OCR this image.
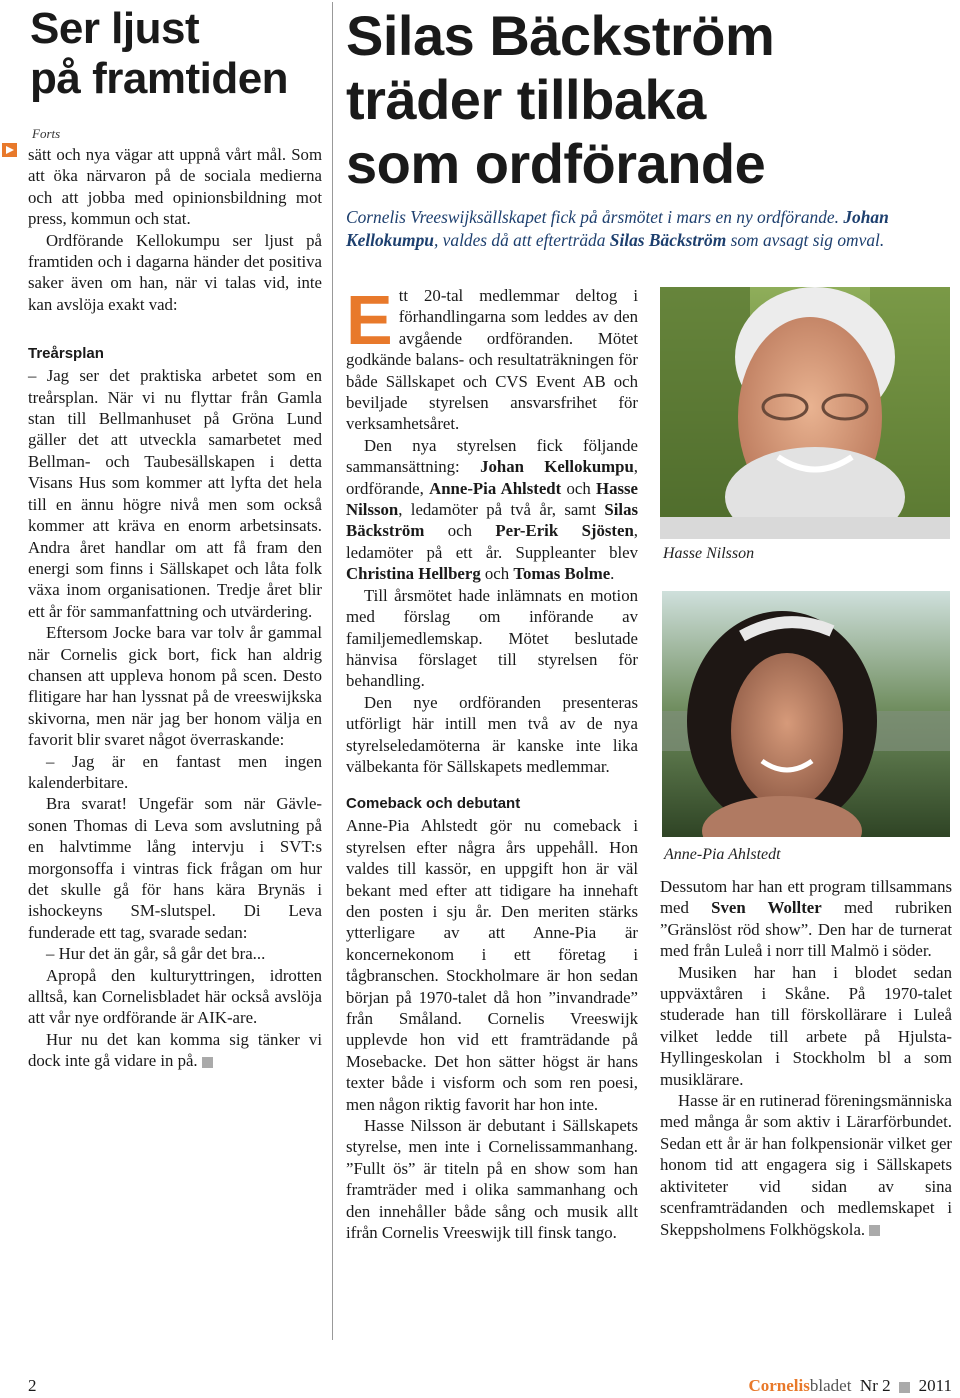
Ser ljust
på framtiden
Forts

sätt och nya vägar att uppnå vårt mål. Som att öka närvaron på de sociala medierna och att jobba med opinionsbildning mot press, kommun och stat.

Ordförande Kellokumpu ser ljust på framtiden och i dagarna händer det positiva saker även om han, när vi talas vid, inte kan avslöja exakt vad:

Treårsplan

– Jag ser det praktiska arbetet som en treårsplan. När vi nu flyttar från Gamla stan till Bellmanhuset på Gröna Lund gäller det att utveckla samarbetet med Bellman- och Taubesällskapen i detta Visans Hus som kommer att lyfta det hela till en ännu högre nivå men som också kommer att kräva en enorm arbetsinsats. Andra året handlar om att få fram den energi som finns i Sällskapet och låta folk växa inom organisationen. Tredje året blir ett år för sammanfattning och utvärdering.

Eftersom Jocke bara var tolv år gammal när Cornelis gick bort, fick han aldrig chansen att uppleva honom på scen. Desto flitigare har han lyssnat på de vreeswijkska skivorna, men när jag ber honom välja en favorit blir svaret något överraskande:

– Jag är en fantast men ingen kalenderbitare.

Bra svarat! Ungefär som när Gävle-sonen Thomas di Leva som avslutning på en halvtimme lång intervju i SVT:s morgonsoffa i vintras fick frågan om hur det skulle gå för hans kära Brynäs i ishockeyns SM-slutspel. Di Leva funderade ett tag, svarade sedan:

– Hur det än går, så går det bra...

Apropå den kulturyttringen, idrotten alltså, kan Cornelisbladet här också avslöja att vår nye ordförande är AIK-are.

Hur nu det kan komma sig tänker vi dock inte gå vidare in på.

Silas Bäckström
träder tillbaka
som ordförande
Cornelis Vreeswijksällskapet fick på årsmötet i mars en ny ordförande. Johan Kellokumpu, valdes då att efterträda Silas Bäckström som avsagt sig omval.

Ett 20-tal medlemmar deltog i förhandlingarna som leddes av den avgående ordföranden. Mötet godkände balans- och resultaträkningen för både Sällskapet och CVS Event AB och beviljade styrelsen ansvarsfrihet för verksamhetsåret.

Den nya styrelsen fick följande sammansättning: Johan Kellokumpu, ordförande, Anne-Pia Ahlstedt och Hasse Nilsson, ledamöter på två år, samt Silas Bäckström och Per-Erik Sjösten, ledamöter på ett år. Suppleanter blev Christina Hellberg och Tomas Bolme.

Till årsmötet hade inlämnats en motion med förslag om införande av familjemedlemskap. Mötet beslutade hänvisa förslaget till styrelsen för behandling.

Den nye ordföranden presenteras utförligt här intill men två av de nya styrelseledamöterna är kanske inte lika välbekanta för Sällskapets medlemmar.

Comeback och debutant

Anne-Pia Ahlstedt gör nu comeback i styrelsen efter några års uppehåll. Hon valdes till kassör, en uppgift hon är väl bekant med efter att tidigare ha innehaft den posten i sju år. Den meriten stärks ytterligare av att Anne-Pia är koncernekonom i ett företag i tågbranschen. Stockholmare är hon sedan början på 1970-talet då hon ”invandrade” från Småland. Cornelis Vreeswijk upplevde hon vid ett framträdande på Mosebacke. Det hon sätter högst är hans texter både i visform och som ren poesi, men någon riktig favorit har hon inte.

Hasse Nilsson är debutant i Sällskapets styrelse, men inte i Cornelissammanhang. ”Fullt ös” är titeln på en show som han framträder med i olika sammanhang och den innehåller både sång och musik allt ifrån Cornelis Vreeswijk till finsk tango.

Hasse Nilsson
Anne-Pia Ahlstedt

Dessutom har han ett program tillsammans med Sven Wollter med rubriken ”Gränslöst röd show”. Den har de turnerat med från Luleå i norr till Malmö i söder.

Musiken har han i blodet sedan uppväxtåren i Skåne. På 1970-talet studerade han till förskollärare i Luleå vilket ledde till arbete på Hjulsta-Hyllingeskolan i Stockholm bl a som musiklärare.

Hasse är en rutinerad föreningsmänniska med många år som aktiv i Lärarförbundet. Sedan ett år är han folkpensionär vilket ger honom tid att engagera sig i Sällskapets aktiviteter vid sidan av sina scenframträdanden och medlemskapet i Skeppsholmens Folkhögskola.

2	Cornelisbladet Nr 2 2011
